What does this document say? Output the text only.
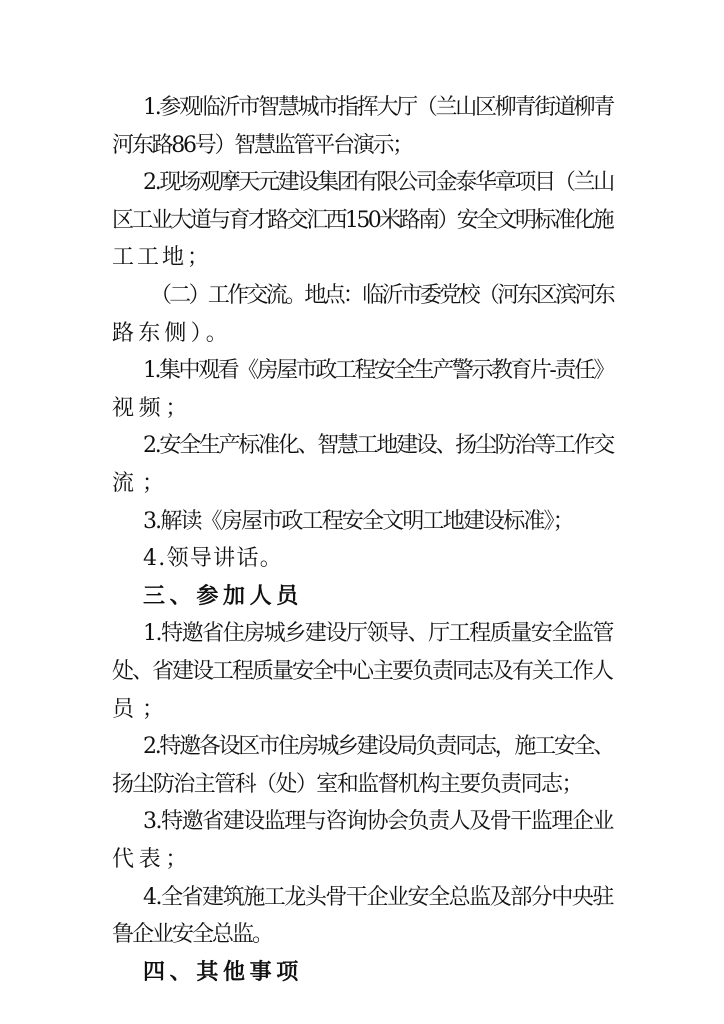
1.参观临沂市智慧城市指挥大厅（兰山区柳青街道柳青
河东路86号）智慧监管平台演示；
2.现场观摩天元建设集团有限公司金泰华章项目（兰山
区工业大道与育才路交汇西150米路南）安全文明标准化施
工工地；
（二）工作交流。地点：临沂市委党校（河东区滨河东
路东侧）。
1.集中观看《房屋市政工程安全生产警示教育片-责任》
视频；
2.安全生产标准化、智慧工地建设、扬尘防治等工作交
流；
3.解读《房屋市政工程安全文明工地建设标准》；
4.领导讲话。
三、参加人员
1.特邀省住房城乡建设厅领导、厅工程质量安全监管
处、省建设工程质量安全中心主要负责同志及有关工作人
员；
2.特邀各设区市住房城乡建设局负责同志，施工安全、
扬尘防治主管科（处）室和监督机构主要负责同志；
3.特邀省建设监理与咨询协会负责人及骨干监理企业
代表；
4.全省建筑施工龙头骨干企业安全总监及部分中央驻
鲁企业安全总监。
四、其他事项
